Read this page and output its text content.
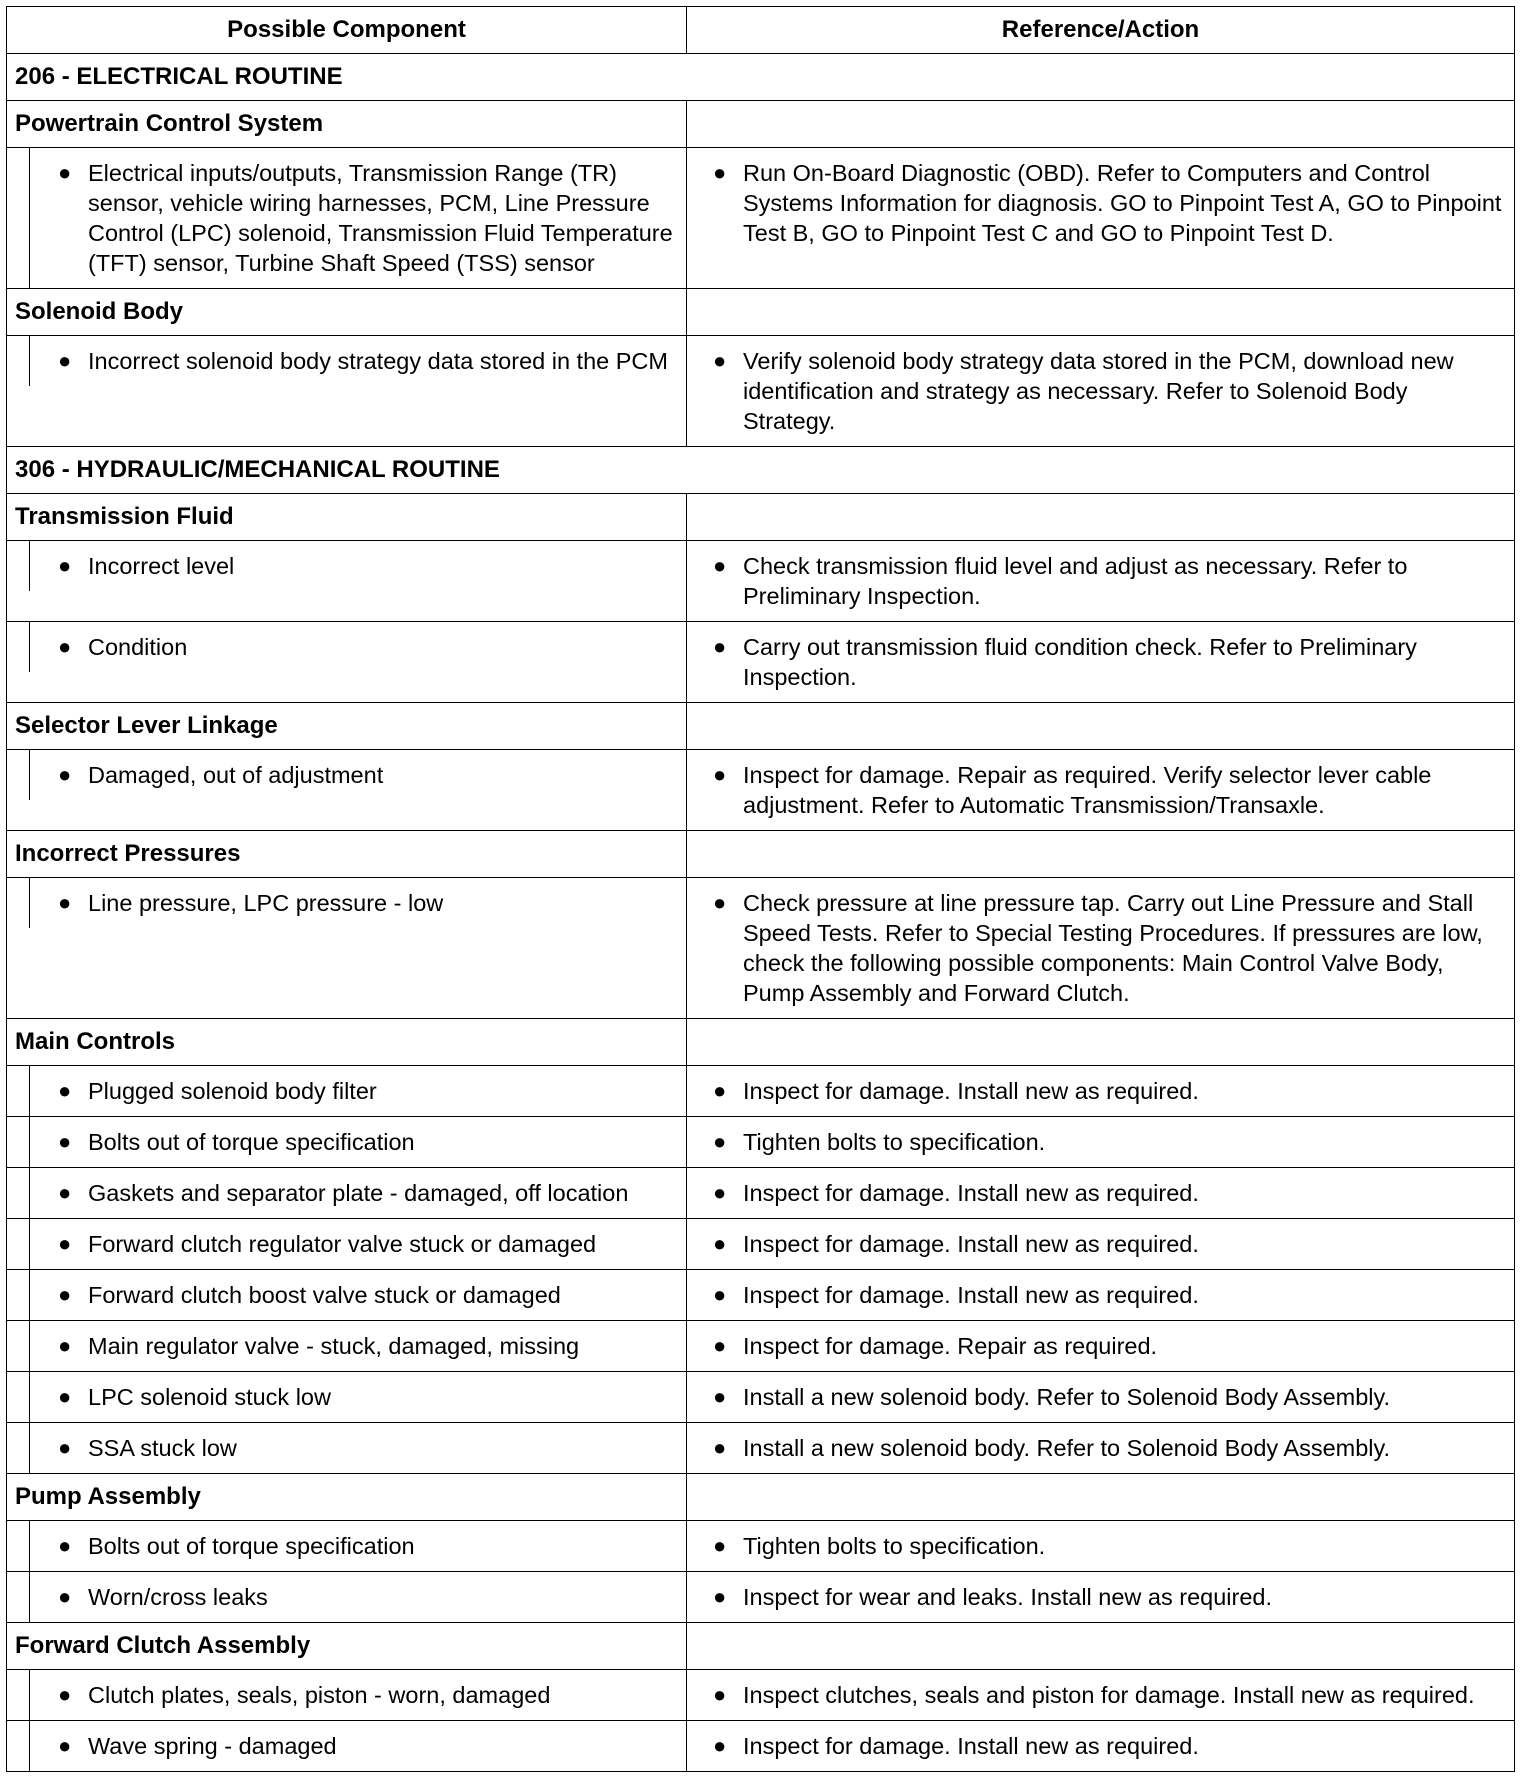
Possible Component	Reference/Action
206 - ELECTRICAL ROUTINE	
Powertrain Control System	

● Electrical inputs/outputs, Transmission Range (TR) sensor, vehicle wiring harnesses, PCM, Line Pressure Control (LPC) solenoid, Transmission Fluid Temperature (TFT) sensor, Turbine Shaft Speed (TSS) sensor	● Run On-Board Diagnostic (OBD). Refer to Computers and Control Systems Information for diagnosis. GO to Pinpoint Test A, GO to Pinpoint Test B, GO to Pinpoint Test C and GO to Pinpoint Test D.

Solenoid Body	

● Incorrect solenoid body strategy data stored in the PCM	● Verify solenoid body strategy data stored in the PCM, download new identification and strategy as necessary. Refer to Solenoid Body Strategy.

306 - HYDRAULIC/MECHANICAL ROUTINE	
Transmission Fluid	

● Incorrect level	● Check transmission fluid level and adjust as necessary. Refer to Preliminary Inspection.

● Condition	● Carry out transmission fluid condition check. Refer to Preliminary Inspection.

Selector Lever Linkage	

● Damaged, out of adjustment	● Inspect for damage. Repair as required. Verify selector lever cable adjustment. Refer to Automatic Transmission/Transaxle.

Incorrect Pressures	

● Line pressure, LPC pressure - low	● Check pressure at line pressure tap. Carry out Line Pressure and Stall Speed Tests. Refer to Special Testing Procedures. If pressures are low, check the following possible components: Main Control Valve Body, Pump Assembly and Forward Clutch.

Main Controls	

● Plugged solenoid body filter	● Inspect for damage. Install new as required.

● Bolts out of torque specification	● Tighten bolts to specification.

● Gaskets and separator plate - damaged, off location	● Inspect for damage. Install new as required.

● Forward clutch regulator valve stuck or damaged	● Inspect for damage. Install new as required.

● Forward clutch boost valve stuck or damaged	● Inspect for damage. Install new as required.

● Main regulator valve - stuck, damaged, missing	● Inspect for damage. Repair as required.

● LPC solenoid stuck low	● Install a new solenoid body. Refer to Solenoid Body Assembly.

● SSA stuck low	● Install a new solenoid body. Refer to Solenoid Body Assembly.

Pump Assembly	

● Bolts out of torque specification	● Tighten bolts to specification.

● Worn/cross leaks	● Inspect for wear and leaks. Install new as required.

Forward Clutch Assembly	

● Clutch plates, seals, piston - worn, damaged	● Inspect clutches, seals and piston for damage. Install new as required.

● Wave spring - damaged	● Inspect for damage. Install new as required.
